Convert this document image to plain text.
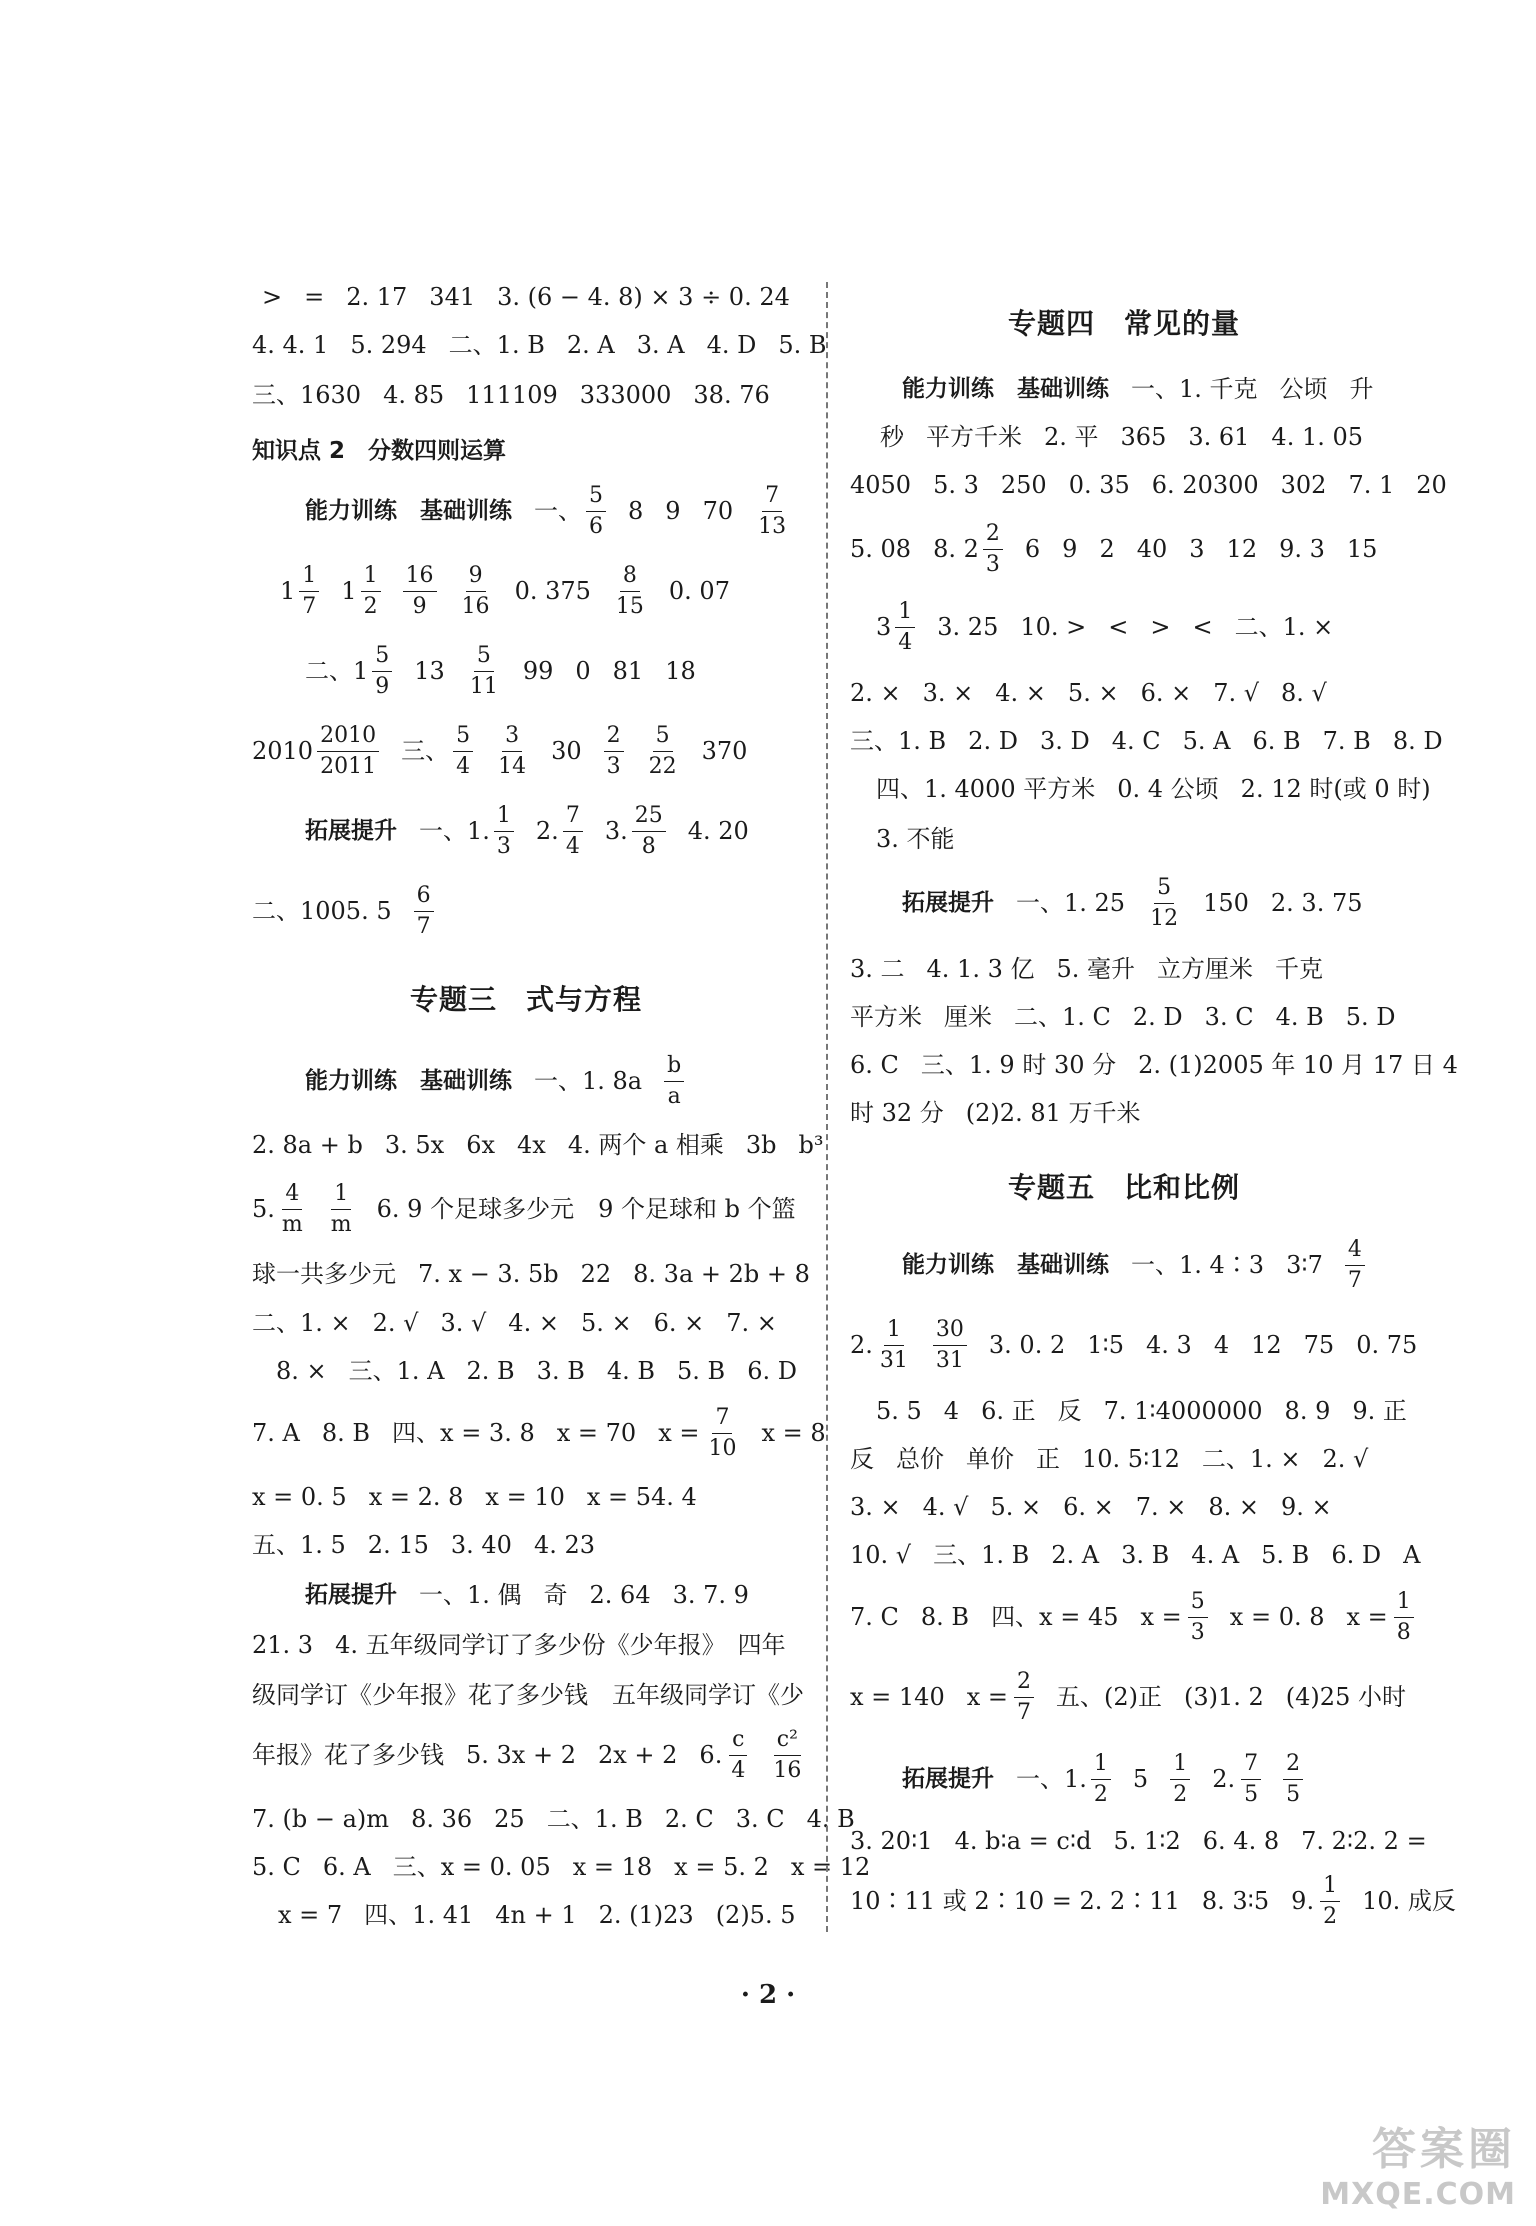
> = 2. 17 341 3. (6 − 4. 8) × 3 ÷ 0. 24
4. 4. 1 5. 294 二、1. B 2. A 3. A 4. D 5. B
三、1630 4. 85 111109 333000 38. 76
知识点 2　分数四则运算
能力训练　基础训练 一、 $\frac{5}{6} 8$ 9 $70 \frac{7}{13}$
$1 \frac{1}{7} 1 \frac{1}{2} \frac{16}{9} \frac{9}{16} 0$. $375 \frac{8}{15} 0$. 07
二、$1 \frac{5}{9} 13 \frac{5}{11} 99$ 0 81 18
$2010 \frac{2010}{2011}$ 三、 $\frac{5}{4} \frac{3}{14} 30 \frac{2}{3} \frac{5}{22} 370$
拓展提升 一、1. $\frac{1}{3} 2$. $\frac{7}{4} 3$. $\frac{25}{8} 4$. 20
二、1005. $5 \frac{6}{7}$
专题三　式与方程
能力训练　基础训练 一、1. $8a \frac{b}{a}$
2. 8a + b 3. 5x 6x 4x 4. 两个 a 相乘 3b b³
5. $\frac{4}{m} \frac{1}{m} 6$. 9 个足球多少元　9 个足球和 b 个篮
球一共多少元 7. x − 3. 5b 22 8. 3a + 2b + 8
二、1. × 2. √ 3. √ 4. × 5. × 6. × 7. ×
8. × 三、1. A 2. B 3. B 4. B 5. B 6. D
7. A 8. B 四、x = 3. 8 x = 70 $x = \frac{7}{10}$ x = 8
x = 0. 5 x = 2. 8 x = 10 x = 54. 4
五、1. 5 2. 15 3. 40 4. 23
拓展提升 一、1. 偶 奇 2. 64 3. 7. 9
21. 3 4. 五年级同学订了多少份《少年报》　四年
级同学订《少年报》花了多少钱　五年级同学订《少
年报》花了多少钱 5. 3x + 2 2x + 2 6. $\frac{c}{4} \frac{\text{c²}}{16}$
7. (b − a)m 8. 36 25 二、1. B 2. C 3. C 4. B
5. C 6. A 三、x = 0. 05 x = 18 x = 5. 2 x = 12
x = 7 四、1. 41 4n + 1 2. (1)23 (2)5. 5
专题四　常见的量
能力训练　基础训练 一、1. 千克 公顷 升
秒 平方千米 2. 平 365 3. 61 4. 1. 05
4050 5. 3 250 0. 35 6. 20300 302 7. 1 20
5. 08 8. $2 \frac{2}{3} 6$ 9 2 40 3 12 9. 3 15
$3 \frac{1}{4} 3$. 25 10. > < > < 二、1. ×
2. × 3. × 4. × 5. × 6. × 7. √ 8. √
三、1. B 2. D 3. D 4. C 5. A 6. B 7. B 8. D
四、1. 4000 平方米 0. 4 公顷 2. 12 时(或 0 时)
3. 不能
拓展提升 一、1. $25 \frac{5}{12} 150$ 2. 3. 75
3. 二 4. 1. 3 亿 5. 毫升 立方厘米 千克
平方米 厘米 二、1. C 2. D 3. C 4. B 5. D
6. C 三、1. 9 时 30 分 2. (1)2005 年 10 月 17 日 4
时 32 分 (2)2. 81 万千米
专题五　比和比例
能力训练　基础训练 一、1. 4∶3 3∶7 $\frac{4}{7}$
2. $\frac{1}{31} \frac{30}{31} 3$. 0. 2 1∶5 4. 3 4 12 75 0. 75
5. 5 4 6. 正 反 7. 1∶4000000 8. 9 9. 正
反 总价 单价 正 10. 5∶12 二、1. × 2. √
3. × 4. √ 5. × 6. × 7. × 8. × 9. ×
10. √ 三、1. B 2. A 3. B 4. A 5. B 6. D A
7. C 8. B 四、x = 45 $x = \frac{5}{3}$ x = 0. 8 $x = \frac{1}{8}$
x = 140 $x = \frac{2}{7}$ 五、(2)正 (3)1. 2 (4)25 小时
拓展提升 一、1. $\frac{1}{2} 5 \frac{1}{2} 2$. $\frac{7}{5} \frac{2}{5}$
3. 20∶1 4. b∶a = c∶d 5. 1∶2 6. 4. 8 7. 2∶2. 2 =
10∶11 或 2∶10 = 2. 2∶11 8. 3∶5 9. $\frac{1}{2} 10$. 成反
· 2 ·
答案圈
MXQE.COM
